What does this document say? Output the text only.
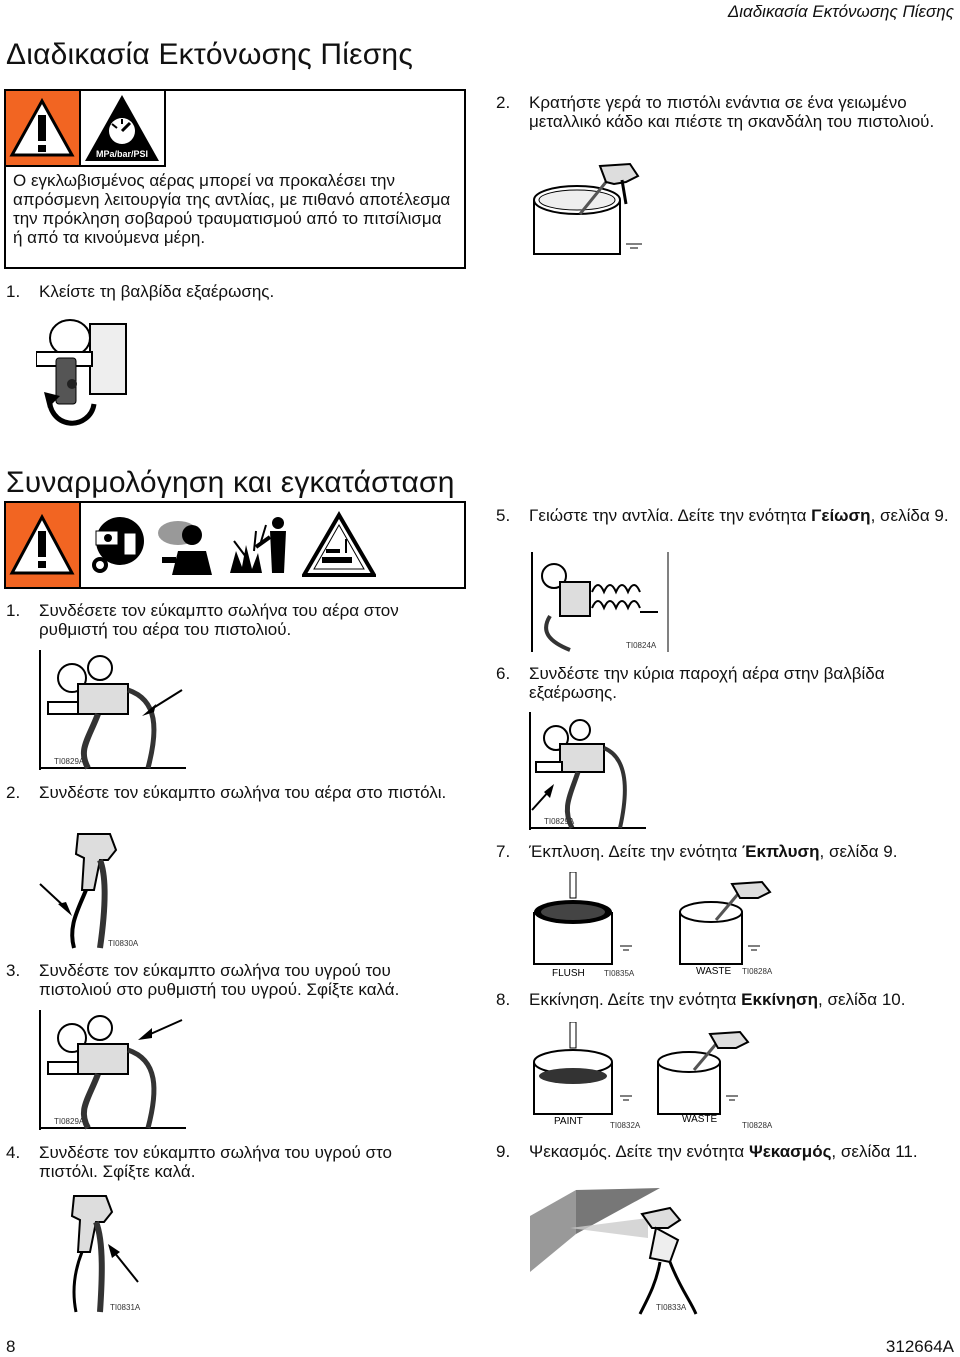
Διαδικασία Εκτόνωσης Πίεσης
Διαδικασία Εκτόνωσης Πίεσης
MPa/bar/PSI
Ο εγκλωβισμένος αέρας μπορεί να προκαλέσει την απρόσμενη λειτουργία της αντλίας, με πιθανό αποτέλεσμα την πρόκληση σοβαρού τραυματισμού από το πιτσίλισμα ή από τα κινούμενα μέρη.
1. Κλείστε τη βαλβίδα εξαέρωσης.
Συναρμολόγηση και εγκατάσταση
1. Συνδέσετε τον εύκαμπτο σωλήνα του αέρα στον ρυθμιστή του αέρα του πιστολιού.
TI0829A
2. Συνδέστε τον εύκαμπτο σωλήνα του αέρα στο πιστόλι.
TI0830A
3. Συνδέστε τον εύκαμπτο σωλήνα του υγρού του πιστολιού στο ρυθμιστή του υγρού. Σφίξτε καλά.
TI0829A
4. Συνδέστε τον εύκαμπτο σωλήνα του υγρού στο πιστόλι. Σφίξτε καλά.
TI0831A
2. Κρατήστε γερά το πιστόλι ενάντια σε ένα γειωμένο μεταλλικό κάδο και πιέστε τη σκανδάλη του πιστολιού.
5. Γειώστε την αντλία. Δείτε την ενότητα Γείωση, σελίδα 9.
TI0824A
6. Συνδέστε την κύρια παροχή αέρα στην βαλβίδα εξαέρωσης.
TI0829A
7. Έκπλυση. Δείτε την ενότητα Έκπλυση, σελίδα 9.
FLUSH TI0835A	WASTE TI0828A
8. Εκκίνηση. Δείτε την ενότητα Εκκίνηση, σελίδα 10.
PAINT	TI0832A
WASTE
TI0828A
9. Ψεκασμός. Δείτε την ενότητα Ψεκασμός, σελίδα 11.
TI0833A
8	312664A
